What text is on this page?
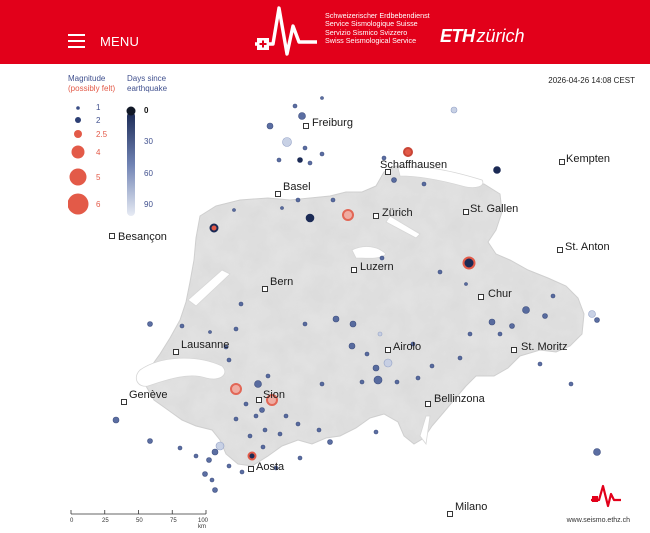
MENU
Schweizerischer Erdbebendienst
Service Sismologique Suisse
Servizio Sismico Svizzero
Swiss Seismological Service	ETH zürich
Freiburg
Basel
Schaffhausen	Kempten
Zürich	St. Gallen
Besançon
St. Anton
Luzern
Bern
Chur
Lausanne	Airolo	St. Moritz
Genève	Sion	Bellinzona
Aosta
Milano
2026-04-26 14:08 CEST
Magnitude
(possibly felt)
Days since
earthquake
1
2
2.5
4
5
6
0
30
60
90
0	25	50	75	100 km
www.seismo.ethz.ch
